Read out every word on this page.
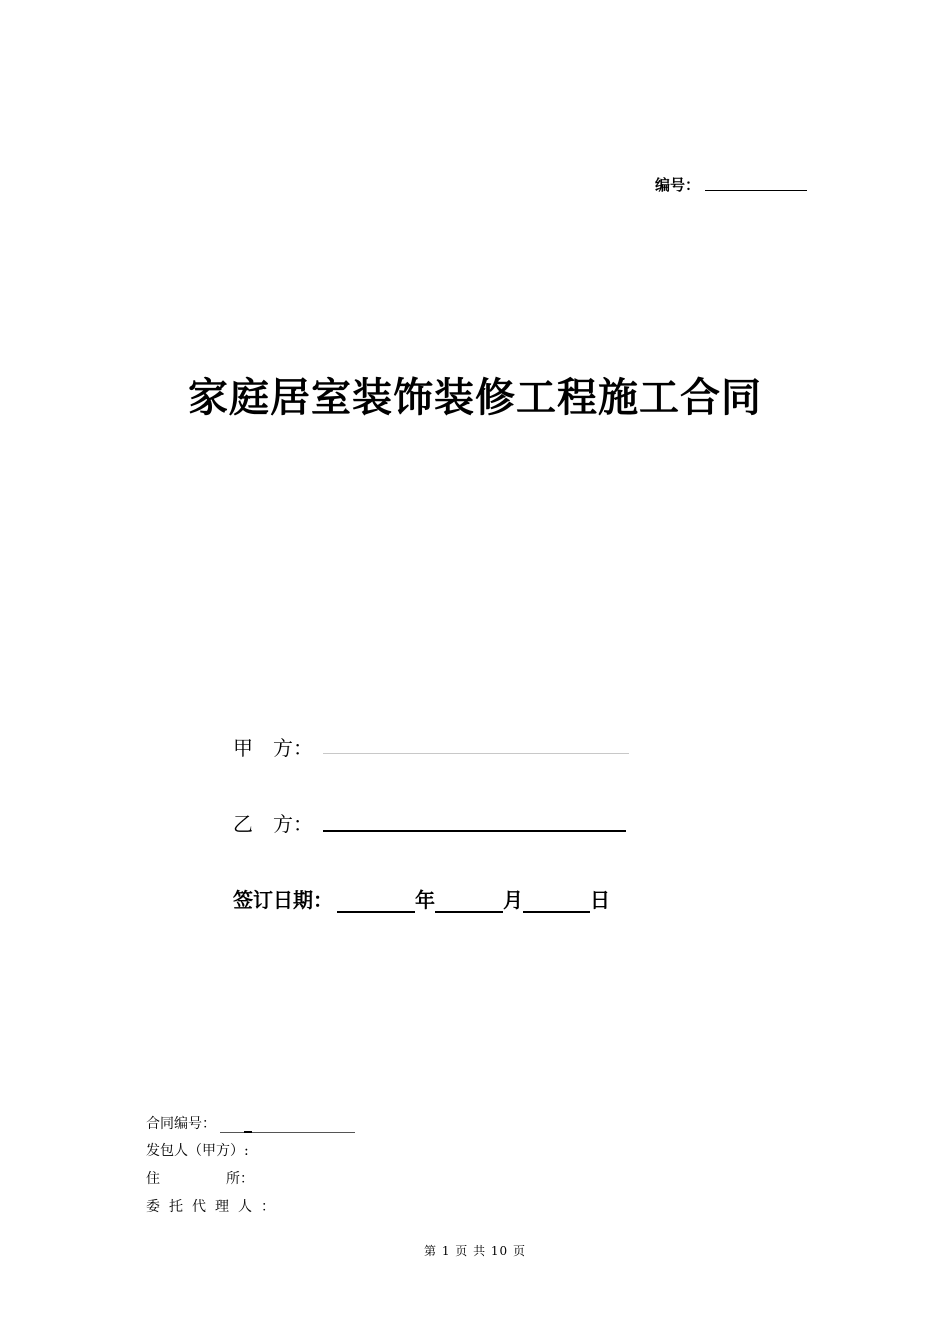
编号：
家庭居室装饰装修工程施工合同
甲　方：
乙　方：
签订日期：	年	月	日
合同编号：
发包人（甲方）:
住	所：
委托代理人：
第 1 页 共 10 页
